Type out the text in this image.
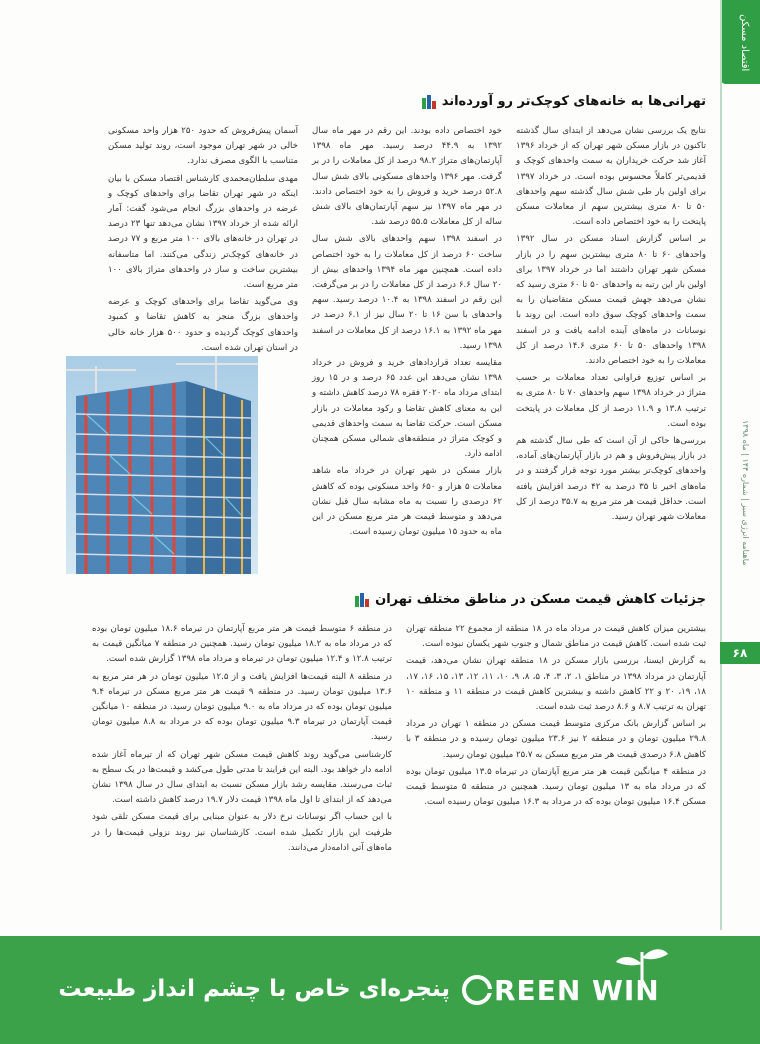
اقتصاد مسکن
ماهنامه انرژی سبز | شماره ۱۴۴ | ماه ۱۳۹۸
۶۸
تهرانی‌ها به خانه‌های کوچک‌تر رو آورده‌اند

نتایج یک بررسی نشان می‌دهد از ابتدای سال گذشته تاکنون در بازار مسکن شهر تهران که از خرداد ۱۳۹۶ آغاز شد حرکت خریداران به سمت واحدهای کوچک و قدیمی‌تر کاملاً محسوس بوده است. در خرداد ۱۳۹۷ برای اولین بار طی شش سال گذشته سهم واحدهای ۵۰ تا ۸۰ متری بیشترین سهم از معاملات مسکن پایتخت را به خود اختصاص داده است.

بر اساس گزارش اسناد مسکن در سال ۱۳۹۲ واحدهای ۶۰ تا ۸۰ متری بیشترین سهم را در بازار مسکن شهر تهران داشتند اما در خرداد ۱۳۹۷ برای اولین بار این رتبه به واحدهای ۵۰ تا ۶۰ متری رسید که نشان می‌دهد جهش قیمت مسکن متقاضیان را به سمت واحدهای کوچک سوق داده است. این روند با نوسانات در ماه‌های آینده ادامه یافت و در اسفند ۱۳۹۸ واحدهای ۵۰ تا ۶۰ متری ۱۴.۶ درصد از کل معاملات را به خود اختصاص دادند.

بر اساس توزیع فراوانی تعداد معاملات بر حسب متراژ در خرداد ۱۳۹۸ سهم واحدهای ۷۰ تا ۸۰ متری به ترتیب ۱۳.۸ و ۱۱.۹ درصد از کل معاملات در پایتخت بوده است.

بررسی‌ها حاکی از آن است که طی سال گذشته هم در بازار پیش‌فروش و هم در بازار آپارتمان‌های آماده، واحدهای کوچک‌تر بیشتر مورد توجه قرار گرفتند و در ماه‌های اخیر تا ۳۵ درصد به ۴۲ درصد افزایش یافته است. حداقل قیمت هر متر مربع به ۳۵.۷ درصد از کل معاملات شهر تهران رسید.

خود اختصاص داده بودند. این رقم در مهر ماه سال ۱۳۹۲ به ۴۴.۹ درصد رسید. مهر ماه ۱۳۹۸ آپارتمان‌های متراژ ۹۸.۲ درصد از کل معاملات را در بر گرفت. مهر ۱۳۹۶ واحدهای مسکونی بالای شش سال ۵۲.۸ درصد خرید و فروش را به خود اختصاص دادند. در مهر ماه ۱۳۹۷ نیز سهم آپارتمان‌های بالای شش ساله از کل معاملات ۵۵.۵ درصد شد.

در اسفند ۱۳۹۸ سهم واحدهای بالای شش سال ساخت ۶۰ درصد از کل معاملات را به خود اختصاص داده است. همچنین مهر ماه ۱۳۹۴ واحدهای بیش از ۲۰ سال ۶.۶ درصد از کل معاملات را در بر می‌گرفت. این رقم در اسفند ۱۳۹۸ به ۱۰.۴ درصد رسید. سهم واحدهای با سن ۱۶ تا ۲۰ سال نیز از ۶.۱ درصد در مهر ماه ۱۳۹۲ به ۱۶.۱ درصد از کل معاملات در اسفند ۱۳۹۸ رسید.

مقایسه تعداد قراردادهای خرید و فروش در خرداد ۱۳۹۸ نشان می‌دهد این عدد ۶۵ درصد و در ۱۵ روز ابتدای مرداد ماه ۲۰۲۰ فقره ۷۸ درصد کاهش داشته و این به معنای کاهش تقاضا و رکود معاملات در بازار مسکن است. حرکت تقاضا به سمت واحدهای قدیمی و کوچک متراژ در منطقه‌های شمالی مسکن همچنان ادامه دارد.

بازار مسکن در شهر تهران در خرداد ماه شاهد معاملات ۵ هزار و ۶۵۰ واحد مسکونی بوده که کاهش ۶۲ درصدی را نسبت به ماه مشابه سال قبل نشان می‌دهد و متوسط قیمت هر متر مربع مسکن در این ماه به حدود ۱۵ میلیون تومان رسیده است.

آسمان پیش‌فروش که حدود ۲۵۰ هزار واحد مسکونی خالی در شهر تهران موجود است، روند تولید مسکن متناسب با الگوی مصرف ندارد.

مهدی سلطان‌محمدی کارشناس اقتصاد مسکن با بیان اینکه در شهر تهران تقاضا برای واحدهای کوچک و عرضه در واحدهای بزرگ انجام می‌شود گفت: آمار ارائه شده از خرداد ۱۳۹۷ نشان می‌دهد تنها ۲۳ درصد در تهران در خانه‌های بالای ۱۰۰ متر مربع و ۷۷ درصد در خانه‌های کوچک‌تر زندگی می‌کنند. اما متاسفانه بیشترین ساخت و ساز در واحدهای متراژ بالای ۱۰۰ متر مربع است.

وی می‌گوید تقاضا برای واحدهای کوچک و عرضه واحدهای بزرگ منجر به کاهش تقاضا و کمبود واحدهای کوچک گردیده و حدود ۵۰۰ هزار خانه خالی در استان تهران شده است.

جزئیات کاهش قیمت مسکن در مناطق مختلف تهران

بیشترین میزان کاهش قیمت در مرداد ماه در ۱۸ منطقه از مجموع ۲۲ منطقه تهران ثبت شده است. کاهش قیمت در مناطق شمال و جنوب شهر یکسان نبوده است.

به گزارش ایسنا، بررسی بازار مسکن در ۱۸ منطقه تهران نشان می‌دهد، قیمت آپارتمان در مرداد ۱۳۹۸ در مناطق ۱، ۲، ۳، ۴، ۵، ۸، ۹، ۱۰، ۱۱، ۱۲، ۱۳، ۱۵، ۱۶، ۱۷، ۱۸، ۱۹، ۲۰ و ۲۲ کاهش داشته و بیشترین کاهش قیمت در منطقه ۱۱ و منطقه ۱۰ تهران به ترتیب ۸.۷ و ۸.۶ درصد ثبت شده است.

بر اساس گزارش بانک مرکزی متوسط قیمت مسکن در منطقه ۱ تهران در مرداد ۲۹.۸ میلیون تومان و در منطقه ۲ نیز ۲۳.۶ میلیون تومان رسیده و در منطقه ۳ با کاهش ۶.۸ درصدی قیمت هر متر مربع مسکن به ۲۵.۷ میلیون تومان رسید.

در منطقه ۴ میانگین قیمت هر متر مربع آپارتمان در تیرماه ۱۳.۵ میلیون تومان بوده که در مرداد ماه به ۱۳ میلیون تومان رسید. همچنین در منطقه ۵ متوسط قیمت مسکن ۱۶.۴ میلیون تومان بوده که در مرداد به ۱۶.۳ میلیون تومان رسیده است.

در منطقه ۶ متوسط قیمت هر متر مربع آپارتمان در تیرماه ۱۸.۶ میلیون تومان بوده که در مرداد ماه به ۱۸.۲ میلیون تومان رسید. همچنین در منطقه ۷ میانگین قیمت به ترتیب ۱۲.۸ و ۱۲.۴ میلیون تومان در تیرماه و مرداد ماه ۱۳۹۸ گزارش شده است.

در منطقه ۸ البته قیمت‌ها افزایش یافت و از ۱۲.۵ میلیون تومان در هر متر مربع به ۱۳.۶ میلیون تومان رسید. در منطقه ۹ قیمت هر متر مربع مسکن در تیرماه ۹.۴ میلیون تومان بوده که در مرداد ماه به ۹.۰ میلیون تومان رسید. در منطقه ۱۰ میانگین قیمت آپارتمان در تیرماه ۹.۳ میلیون تومان بوده که در مرداد به ۸.۸ میلیون تومان رسید.

کارشناسی می‌گوید روند کاهش قیمت مسکن شهر تهران که از تیرماه آغاز شده ادامه دار خواهد بود. البته این فرایند تا مدتی طول می‌کشد و قیمت‌ها در یک سطح به ثبات می‌رسند. مقایسه رشد بازار مسکن نسبت به ابتدای سال در سال ۱۳۹۸ نشان می‌دهد که از ابتدای تا اول ماه ۱۳۹۸ قیمت دلار ۱۹.۷ درصد کاهش داشته است.

با این حساب اگر نوسانات نرخ دلار به عنوان مبنایی برای قیمت مسکن تلقی شود ظرفیت این بازار تکمیل شده است. کارشناسان نیز روند نزولی قیمت‌ها را در ماه‌های آتی ادامه‌دار می‌دانند.

REEN WIN
پنجره‌ای خاص با چشم انداز طبیعت
